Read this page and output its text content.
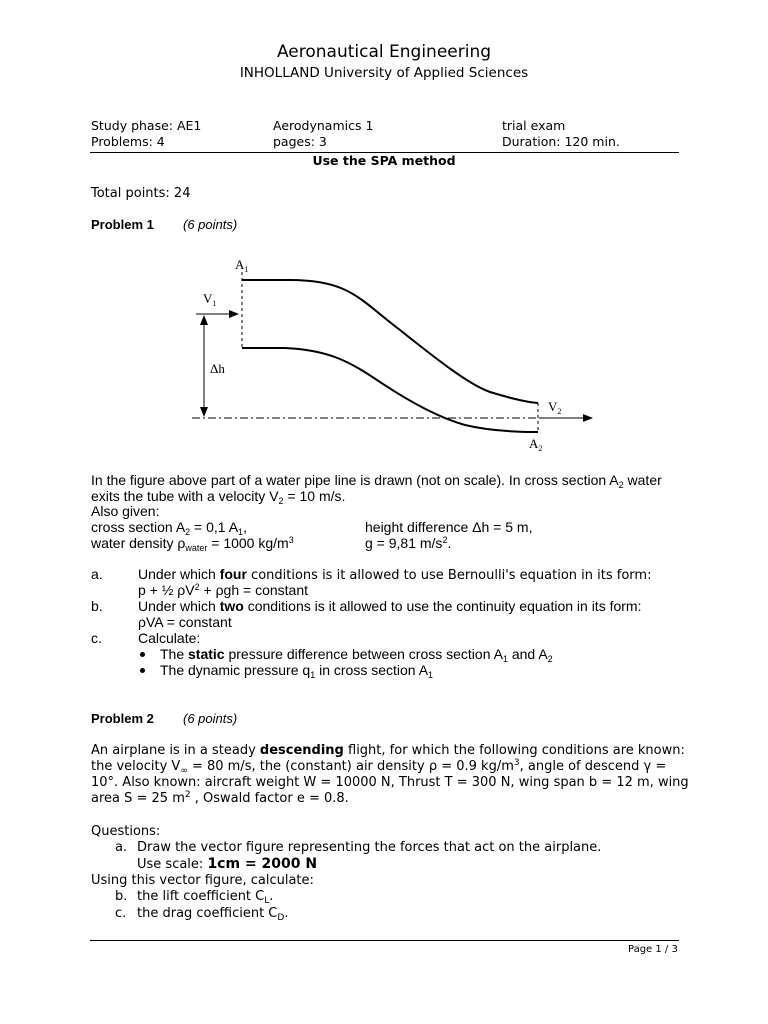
Aeronautical Engineering
INHOLLAND University of Applied Sciences
Study phase: AE1	Aerodynamics 1	trial exam
Problems: 4	pages: 3	Duration: 120 min.
Use the SPA method
Total points: 24
Problem 1 (6 points)
$A_1$
$V_1$
Δh
$V_2$
$A_2$
In the figure above part of a water pipe line is drawn (not on scale). In cross section $A_2$ water
exits the tube with a velocity $V_2 = 10$ m/s.
Also given:
cross section $A_2 = 0,1$ $A_1$,	height difference Δh = 5 m,
water density $\rho_{water} = 1000$ $kg/m^3$	g = 9,81 $m/s^2$.
a.	Under which four conditions is it allowed to use Bernoulli's equation in its form:
p + ½ $\rho V^2 + \rho gh$ = constant
b.	Under which two conditions is it allowed to use the continuity equation in its form:
ρVA = constant
c.	Calculate:
The static pressure difference between cross section $A_1$ and $A_2$
The dynamic pressure $q_1$ in cross section $A_1$
Problem 2 (6 points)
An airplane is in a steady descending flight, for which the following conditions are known:
the velocity $V_\infty = 80$ m/s, the (constant) air density ρ = 0.9 $kg/m^3$, angle of descend γ =
10°. Also known: aircraft weight W = 10000 N, Thrust T = 300 N, wing span b = 12 m, wing
area S = 25 $m^2$ , Oswald factor e = 0.8.
Questions:
a. Draw the vector figure representing the forces that act on the airplane.
Use scale: 1cm = 2000 N
Using this vector figure, calculate:
b. the lift coefficient $C_L$.
c. the drag coefficient $C_D$.
Page 1 / 3
